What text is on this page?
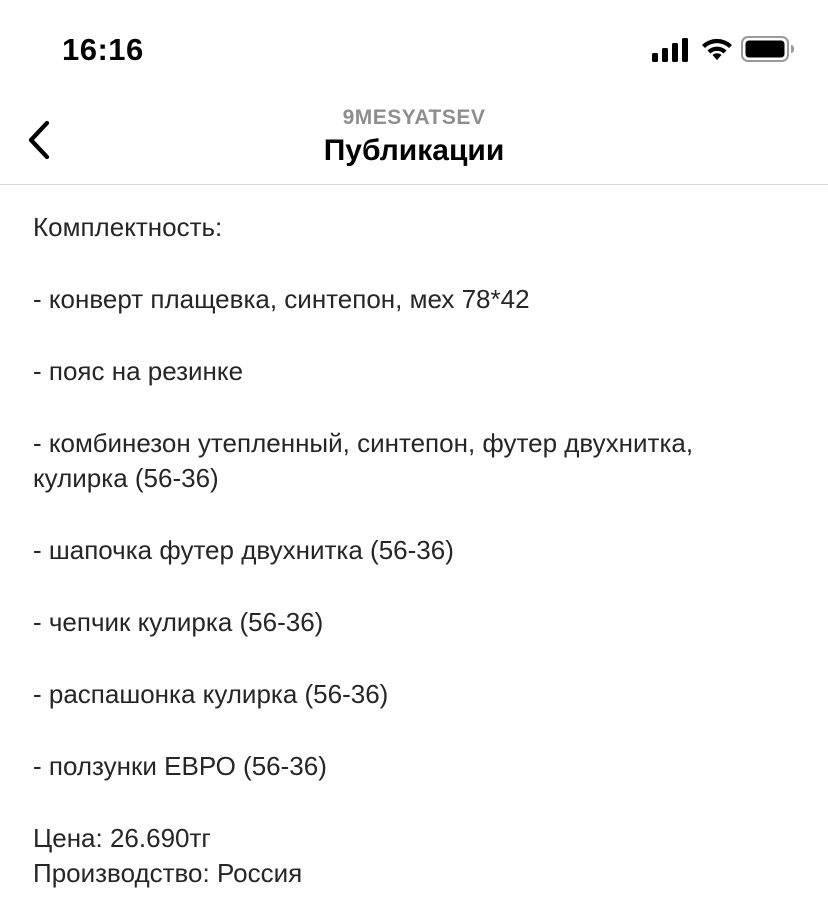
16:16
9MESYATSEV
Публикации
Комплектность:
- конверт плащевка, синтепон, мех 78*42
- пояс на резинке
- комбинезон утепленный, синтепон, футер двухнитка,
кулирка (56-36)
- шапочка футер двухнитка (56-36)
- чепчик кулирка (56-36)
- распашонка кулирка (56-36)
- ползунки ЕВРО (56-36)
Цена: 26.690тг
Производство: Россия
